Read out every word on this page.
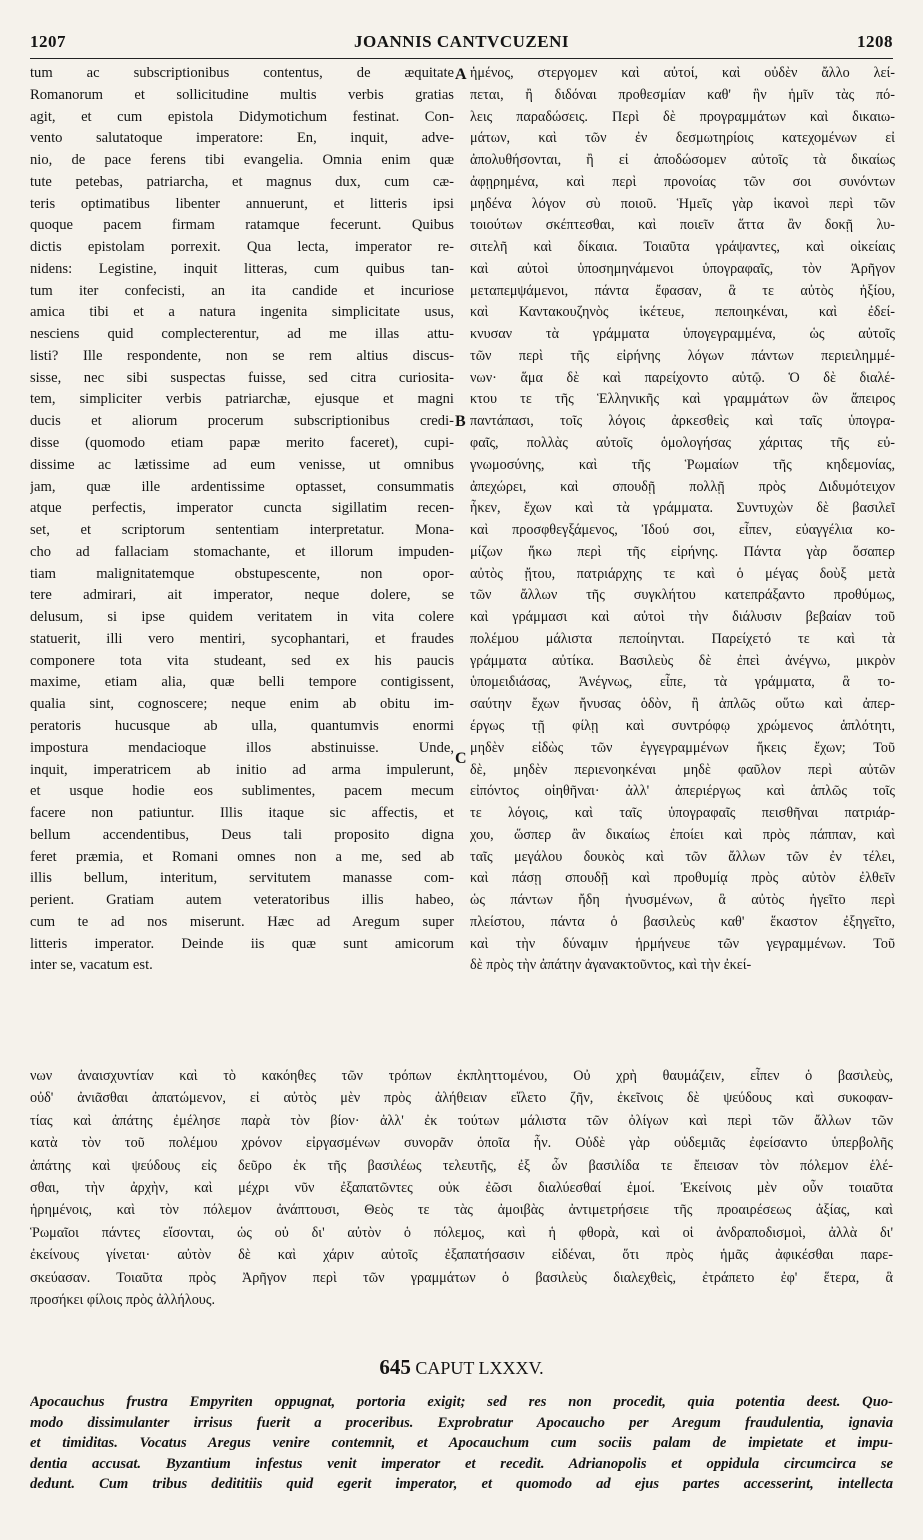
1207	JOANNIS CANTVCUZENI	1208
tum ac subscriptionibus contentus, de æquitate
Romanorum et sollicitudine multis verbis gratias
agit, et cum epistola Didymotichum festinat. Con-
vento salutatoque imperatore: En, inquit, adve-
nio, de pace ferens tibi evangelia. Omnia enim quæ
tute petebas, patriarcha, et magnus dux, cum cæ-
teris optimatibus libenter annuerunt, et litteris ipsi
quoque pacem firmam ratamque fecerunt. Quibus
dictis epistolam porrexit. Qua lecta, imperator re-
nidens: Legistine, inquit litteras, cum quibus tan-
tum iter confecisti, an ita candide et incuriose
amica tibi et a natura ingenita simplicitate usus,
nesciens quid complecterentur, ad me illas attu-
listi? Ille respondente, non se rem altius discus-
sisse, nec sibi suspectas fuisse, sed citra curiosita-
tem, simpliciter verbis patriarchæ, ejusque et magni
ducis et aliorum procerum subscriptionibus credi-
disse (quomodo etiam papæ merito faceret), cupi-
dissime ac lætissime ad eum venisse, ut omnibus
jam, quæ ille ardentissime optasset, consummatis
atque perfectis, imperator cuncta sigillatim recen-
set, et scriptorum sententiam interpretatur. Mona-
cho ad fallaciam stomachante, et illorum impuden-
tiam malignitatemque obstupescente, non opor-
tere admirari, ait imperator, neque dolere, se
delusum, si ipse quidem veritatem in vita colere
statuerit, illi vero mentiri, sycophantari, et fraudes
componere tota vita studeant, sed ex his paucis
maxime, etiam alia, quæ belli tempore contigissent,
qualia sint, cognoscere; neque enim ab obitu im-
peratoris hucusque ab ulla, quantumvis enormi
impostura mendacioque illos abstinuisse. Unde,
inquit, imperatricem ab initio ad arma impulerunt,
et usque hodie eos sublimentes, pacem mecum
facere non patiuntur. Illis itaque sic affectis, et
bellum accendentibus, Deus tali proposito digna
feret præmia, et Romani omnes non a me, sed ab
illis bellum, interitum, servitutem manasse com-
perient. Gratiam autem veteratoribus illis habeo,
cum te ad nos miserunt. Hæc ad Aregum super
litteris imperator. Deinde iis quæ sunt amicorum
inter se, vacatum est.
ἡμένος, στεργομεν καὶ αὐτοί, καὶ οὐδὲν ἄλλο λεί-
πεται, ἢ διδόναι προθεσμίαν καθ' ἣν ἡμῖν τὰς πό-
λεις παραδώσεις. Περὶ δὲ προγραμμάτων καὶ δικαιω-
μάτων, καὶ τῶν ἐν δεσμωτηρίοις κατεχομένων εἰ
ἀπολυθήσονται, ἢ εἰ ἀποδώσομεν αὐτοῖς τὰ δικαίως
ἀφῃρημένα, καὶ περὶ προνοίας τῶν σοι συνόντων
μηδένα λόγον σὺ ποιοῦ. Ἡμεῖς γὰρ ἱκανοὶ περὶ τῶν
τοιούτων σκέπτεσθαι, καὶ ποιεῖν ἅττα ἂν δοκῇ λυ-
σιτελῆ καὶ δίκαια. Τοιαῦτα γράψαντες, καὶ οἰκείαις
καὶ αὐτοὶ ὑποσημηνάμενοι ὑπογραφαῖς, τὸν Ἀρῆγον
μεταπεμψάμενοι, πάντα ἔφασαν, ἃ τε αὐτὸς ἠξίου,
καὶ Καντακουζηνὸς ἱκέτευε, πεποιηκέναι, καὶ ἐδεί-
κνυσαν τὰ γράμματα ὑπογεγραμμένα, ὡς αὐτοῖς
τῶν περὶ τῆς εἰρήνης λόγων πάντων περιειλημμέ-
νων· ἅμα δὲ καὶ παρείχοντο αὐτῷ. Ὁ δὲ διαλέ-
κτου τε τῆς Ἑλληνικῆς καὶ γραμμάτων ὢν ἄπειρος
παντάπασι, τοῖς λόγοις ἀρκεσθεὶς καὶ ταῖς ὑπογρα-
φαῖς, πολλὰς αὐτοῖς ὁμολογήσας χάριτας τῆς εὐ-
γνωμοσύνης, καὶ τῆς Ῥωμαίων τῆς κηδεμονίας,
ἀπεχώρει, καὶ σπουδῇ πολλῇ πρὸς Διδυμότειχον
ἧκεν, ἔχων καὶ τὰ γράμματα. Συντυχὼν δὲ βασιλεῖ
καὶ προσφθεγξάμενος, Ἰδού σοι, εἶπεν, εὐαγγέλια κο-
μίζων ἥκω περὶ τῆς εἰρήνης. Πάντα γὰρ ὅσαπερ
αὐτὸς ᾔτου, πατριάρχης τε καὶ ὁ μέγας δοὺξ μετὰ
τῶν ἄλλων τῆς συγκλήτου κατεπράξαντο προθύμως,
καὶ γράμμασι καὶ αὐτοὶ τὴν διάλυσιν βεβαίαν τοῦ
πολέμου μάλιστα πεποίηνται. Παρείχετό τε καὶ τὰ
γράμματα αὐτίκα. Βασιλεὺς δὲ ἐπεὶ ἀνέγνω, μικρὸν
ὑπομειδιάσας, Ἀνέγνως, εἶπε, τὰ γράμματα, ἃ το-
σαύτην ἔχων ἤνυσας ὁδὸν, ἢ ἁπλῶς οὕτω καὶ ἀπερ-
έργως τῇ φίλῃ καὶ συντρόφῳ χρώμενος ἁπλότητι,
μηδὲν εἰδὼς τῶν ἐγγεγραμμένων ἥκεις ἔχων; Τοῦ
δὲ, μηδὲν περιενοηκέναι μηδὲ φαῦλον περὶ αὐτῶν
εἰπόντος οἰηθῆναι· ἀλλ' ἀπεριέργως καὶ ἁπλῶς τοῖς
τε λόγοις, καὶ ταῖς ὑπογραφαῖς πεισθῆναι πατριάρ-
χου, ὥσπερ ἂν δικαίως ἐποίει καὶ πρὸς πάππαν, καὶ
ταῖς μεγάλου δουκὸς καὶ τῶν ἄλλων τῶν ἐν τέλει,
καὶ πάσῃ σπουδῇ καὶ προθυμίᾳ πρὸς αὐτὸν ἐλθεῖν
ὡς πάντων ἤδη ἠνυσμένων, ἃ αὐτὸς ἠγεῖτο περὶ
πλείστου, πάντα ὁ βασιλεὺς καθ' ἕκαστον ἐξηγεῖτο,
καὶ τὴν δύναμιν ἡρμήνευε τῶν γεγραμμένων. Τοῦ
δὲ πρὸς τὴν ἀπάτην ἀγανακτοῦντος, καὶ τὴν ἐκεί-
A
B
C
νων ἀναισχυντίαν καὶ τὸ κακόηθες τῶν τρόπων ἐκπληττομένου, Οὐ χρὴ θαυμάζειν, εἶπεν ὁ βασιλεὺς,
οὐδ' ἀνιᾶσθαι ἀπατώμενον, εἰ αὐτὸς μὲν πρὸς ἀλήθειαν εἵλετο ζῆν, ἐκεῖνοις δὲ ψεύδους καὶ συκοφαν-
τίας καὶ ἀπάτης ἐμέλησε παρὰ τὸν βίον· ἀλλ' ἐκ τούτων μάλιστα τῶν ὀλίγων καὶ περὶ τῶν ἄλλων τῶν
κατὰ τὸν τοῦ πολέμου χρόνον εἰργασμένων συνορᾶν ὁποῖα ἦν. Οὐδὲ γὰρ οὐδεμιᾶς ἐφείσαντο ὑπερβολῆς
ἀπάτης καὶ ψεύδους εἰς δεῦρο ἐκ τῆς βασιλέως τελευτῆς, ἐξ ὧν βασιλίδα τε ἔπεισαν τὸν πόλεμον ἑλέ-
σθαι, τὴν ἀρχὴν, καὶ μέχρι νῦν ἐξαπατῶντες οὐκ ἐῶσι διαλύεσθαί ἐμοί. Ἐκείνοις μὲν οὖν τοιαῦτα
ἡρημένοις, καὶ τὸν πόλεμον ἀνάπτουσι, Θεὸς τε τὰς ἀμοιβὰς ἀντιμετρήσειε τῆς προαιρέσεως ἀξίας, καὶ
Ῥωμαῖοι πάντες εἴσονται, ὡς οὐ δι' αὐτὸν ὁ πόλεμος, καὶ ἡ φθορὰ, καὶ οἱ ἀνδραποδισμοὶ, ἀλλὰ δι'
ἐκείνους γίνεται· αὐτὸν δὲ καὶ χάριν αὐτοῖς ἐξαπατήσασιν εἰδέναι, ὅτι πρὸς ἡμᾶς ἀφικέσθαι παρε-
σκεύασαν. Τοιαῦτα πρὸς Ἀρῆγον περὶ τῶν γραμμάτων ὁ βασιλεὺς διαλεχθεὶς, ἐτράπετο ἐφ' ἕτερα, ἃ
προσήκει φίλοις πρὸς ἀλλήλους.
645 CAPUT LXXXV.
Apocauchus frustra Empyriten oppugnat, portoria exigit; sed res non procedit, quia potentia deest. Quo-
modo dissimulanter irrisus fuerit a proceribus. Exprobratur Apocaucho per Aregum fraudulentia, ignavia
et timiditas. Vocatus Aregus venire contemnit, et Apocauchum cum sociis palam de impietate et impu-
dentia accusat. Byzantium infestus venit imperator et recedit. Adrianopolis et oppidula circumcirca se
dedunt. Cum tribus dedititiis quid egerit imperator, et quomodo ad ejus partes accesserint, intellecta
